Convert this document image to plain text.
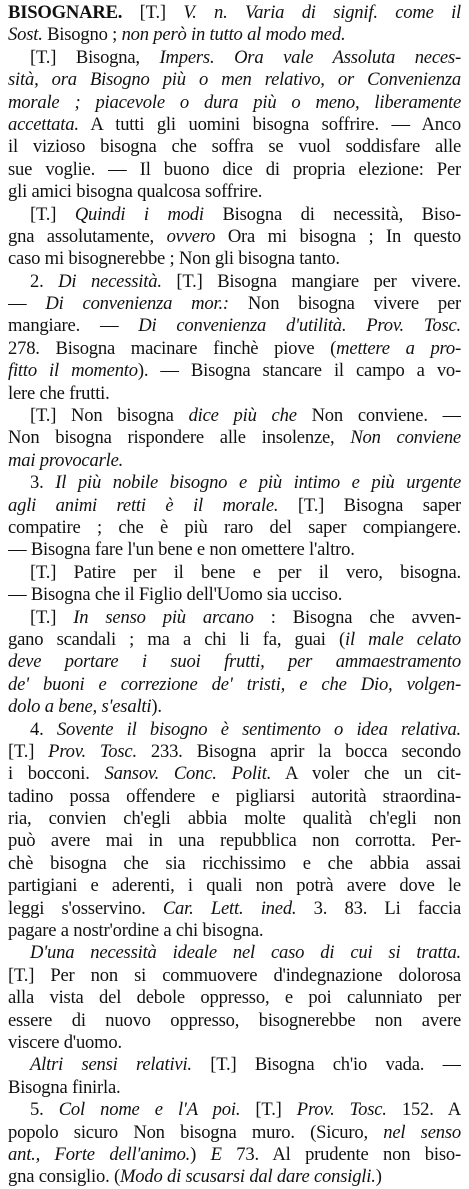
BISOGNARE. [T.] V. n. Varia di signif. come il
Sost. Bisogno ; non però in tutto al modo med.
[T.] Bisogna, Impers. Ora vale Assoluta neces-
sità, ora Bisogno più o men relativo, or Convenienza
morale ; piacevole o dura più o meno, liberamente
accettata. A tutti gli uomini bisogna soffrire. — Anco
il vizioso bisogna che soffra se vuol soddisfare alle
sue voglie. — Il buono dice di propria elezione: Per
gli amici bisogna qualcosa soffrire.
[T.] Quindi i modi Bisogna di necessità, Biso-
gna assolutamente, ovvero Ora mi bisogna ; In questo
caso mi bisognerebbe ; Non gli bisogna tanto.
2. Di necessità. [T.] Bisogna mangiare per vivere.
— Di convenienza mor.: Non bisogna vivere per
mangiare. — Di convenienza d'utilità. Prov. Tosc.
278. Bisogna macinare finchè piove (mettere a pro-
fitto il momento). — Bisogna stancare il campo a vo-
lere che frutti.
[T.] Non bisogna dice più che Non conviene. —
Non bisogna rispondere alle insolenze, Non conviene
mai provocarle.
3. Il più nobile bisogno e più intimo e più urgente
agli animi retti è il morale. [T.] Bisogna saper
compatire ; che è più raro del saper compiangere.
— Bisogna fare l'un bene e non omettere l'altro.
[T.] Patire per il bene e per il vero, bisogna.
— Bisogna che il Figlio dell'Uomo sia ucciso.
[T.] In senso più arcano : Bisogna che avven-
gano scandali ; ma a chi li fa, guai (il male celato
deve portare i suoi frutti, per ammaestramento
de' buoni e correzione de' tristi, e che Dio, volgen-
dolo a bene, s'esalti).
4. Sovente il bisogno è sentimento o idea relativa.
[T.] Prov. Tosc. 233. Bisogna aprir la bocca secondo
i bocconi. Sansov. Conc. Polit. A voler che un cit-
tadino possa offendere e pigliarsi autorità straordina-
ria, convien ch'egli abbia molte qualità ch'egli non
può avere mai in una repubblica non corrotta. Per-
chè bisogna che sia ricchissimo e che abbia assai
partigiani e aderenti, i quali non potrà avere dove le
leggi s'osservino. Car. Lett. ined. 3. 83. Li faccia
pagare a nostr'ordine a chi bisogna.
D'una necessità ideale nel caso di cui si tratta.
[T.] Per non si commuovere d'indegnazione dolorosa
alla vista del debole oppresso, e poi calunniato per
essere di nuovo oppresso, bisognerebbe non avere
viscere d'uomo.
Altri sensi relativi. [T.] Bisogna ch'io vada. —
Bisogna finirla.
5. Col nome e l'A poi. [T.] Prov. Tosc. 152. A
popolo sicuro Non bisogna muro. (Sicuro, nel senso
ant., Forte dell'animo.) E 73. Al prudente non biso-
gna consiglio. (Modo di scusarsi dal dare consigli.)
